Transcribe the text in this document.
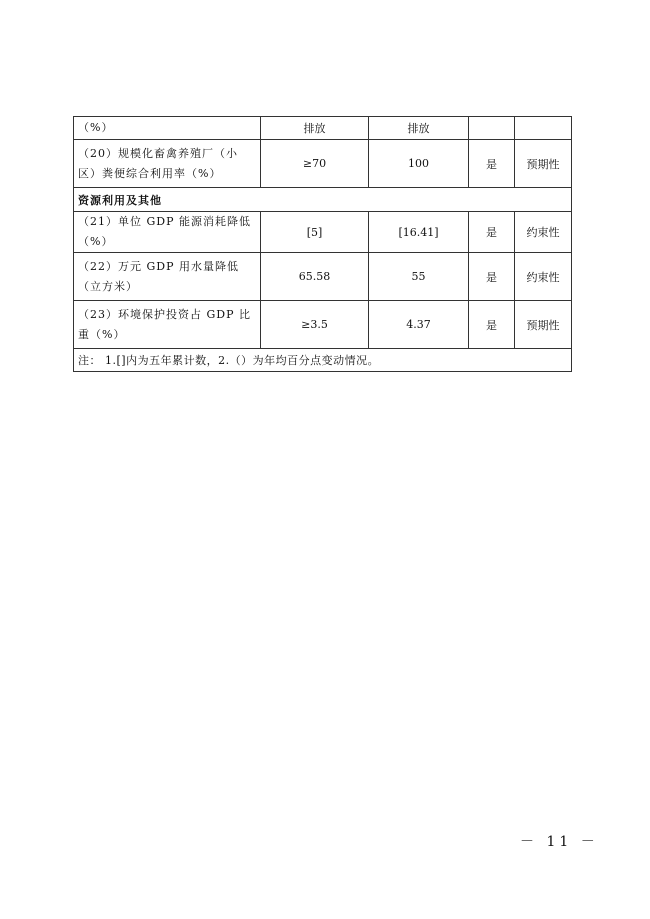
（%）	排放	排放		
（20）规模化畜禽养殖厂（小区）粪便综合利用率（%）	≥70	100	是	预期性
资源利用及其他				
（21）单位 GDP 能源消耗降低（%）	[5]	[16.41]	是	约束性
（22）万元 GDP 用水量降低（立方米）	65.58	55	是	约束性
（23）环境保护投资占 GDP 比重（%）	≥3.5	4.37	是	预期性
注： 1.[]内为五年累计数，2.（）为年均百分点变动情况。				
－ 11 －
